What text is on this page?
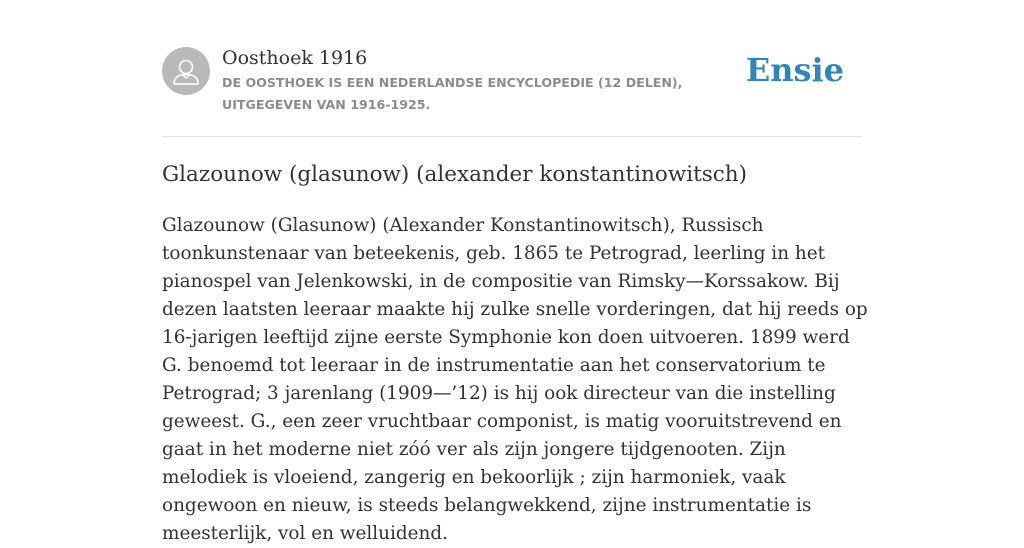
Oosthoek 1916
DE OOSTHOEK IS EEN NEDERLANDSE ENCYCLOPEDIE (12 DELEN), UITGEGEVEN VAN 1916-1925.
Ensie
Glazounow (glasunow) (alexander konstantinowitsch)

Glazounow (Glasunow) (Alexander Konstantinowitsch), Russisch toonkunstenaar van beteekenis, geb. 1865 te Petrograd, leerling in het pianospel van Jelenkowski, in de compositie van Rimsky—Korssakow. Bij dezen laatsten leeraar maakte hij zulke snelle vorderingen, dat hij reeds op 16-jarigen leeftijd zijne eerste Symphonie kon doen uitvoeren. 1899 werd G. benoemd tot leeraar in de instrumentatie aan het conservatorium te Petrograd; 3 jarenlang (1909—’12) is hij ook directeur van die instelling geweest. G., een zeer vruchtbaar componist, is matig vooruitstrevend en gaat in het moderne niet zóó ver als zijn jongere tijdgenooten. Zijn melodiek is vloeiend, zangerig en bekoorlijk ; zijn harmoniek, vaak ongewoon en nieuw, is steeds belangwekkend, zijne instrumentatie is meesterlijk, vol en welluidend.
